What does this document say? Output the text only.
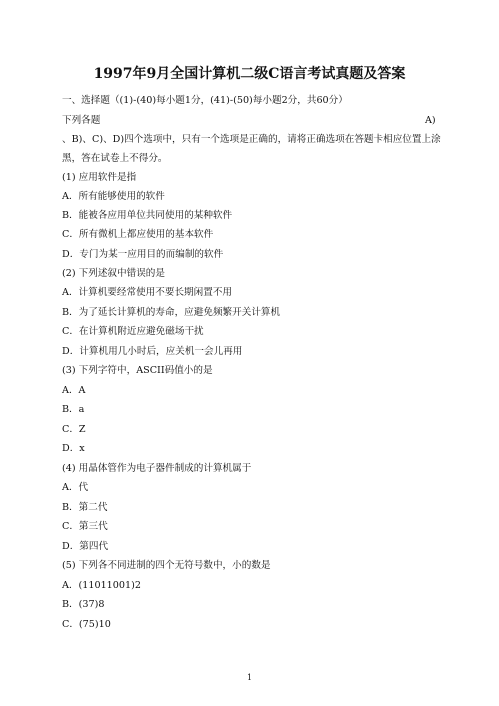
1997年9月全国计算机二级C语言考试真题及答案
一、选择题（(1)-(40)每小题1分，(41)-(50)每小题2分，共60分）
下列各题	A)
、B)、C)、D)四个选项中，只有一个选项是正确的，请将正确选项在答题卡相应位置上涂
黑，答在试卷上不得分。
(1) 应用软件是指
A．所有能够使用的软件
B．能被各应用单位共同使用的某种软件
C．所有微机上都应使用的基本软件
D．专门为某一应用目的而编制的软件
(2) 下列述叙中错误的是
A．计算机要经常使用不要长期闲置不用
B．为了延长计算机的寿命，应避免频繁开关计算机
C．在计算机附近应避免磁场干扰
D．计算机用几小时后，应关机一会儿再用
(3) 下列字符中，ASCII码值小的是
A．A
B．a
C．Z
D．x
(4) 用晶体管作为电子器件制成的计算机属于
A．代
B．第二代
C．第三代
D．第四代
(5) 下列各不同进制的四个无符号数中，小的数是
A．(11011001)2
B．(37)8
C．(75)10
1
